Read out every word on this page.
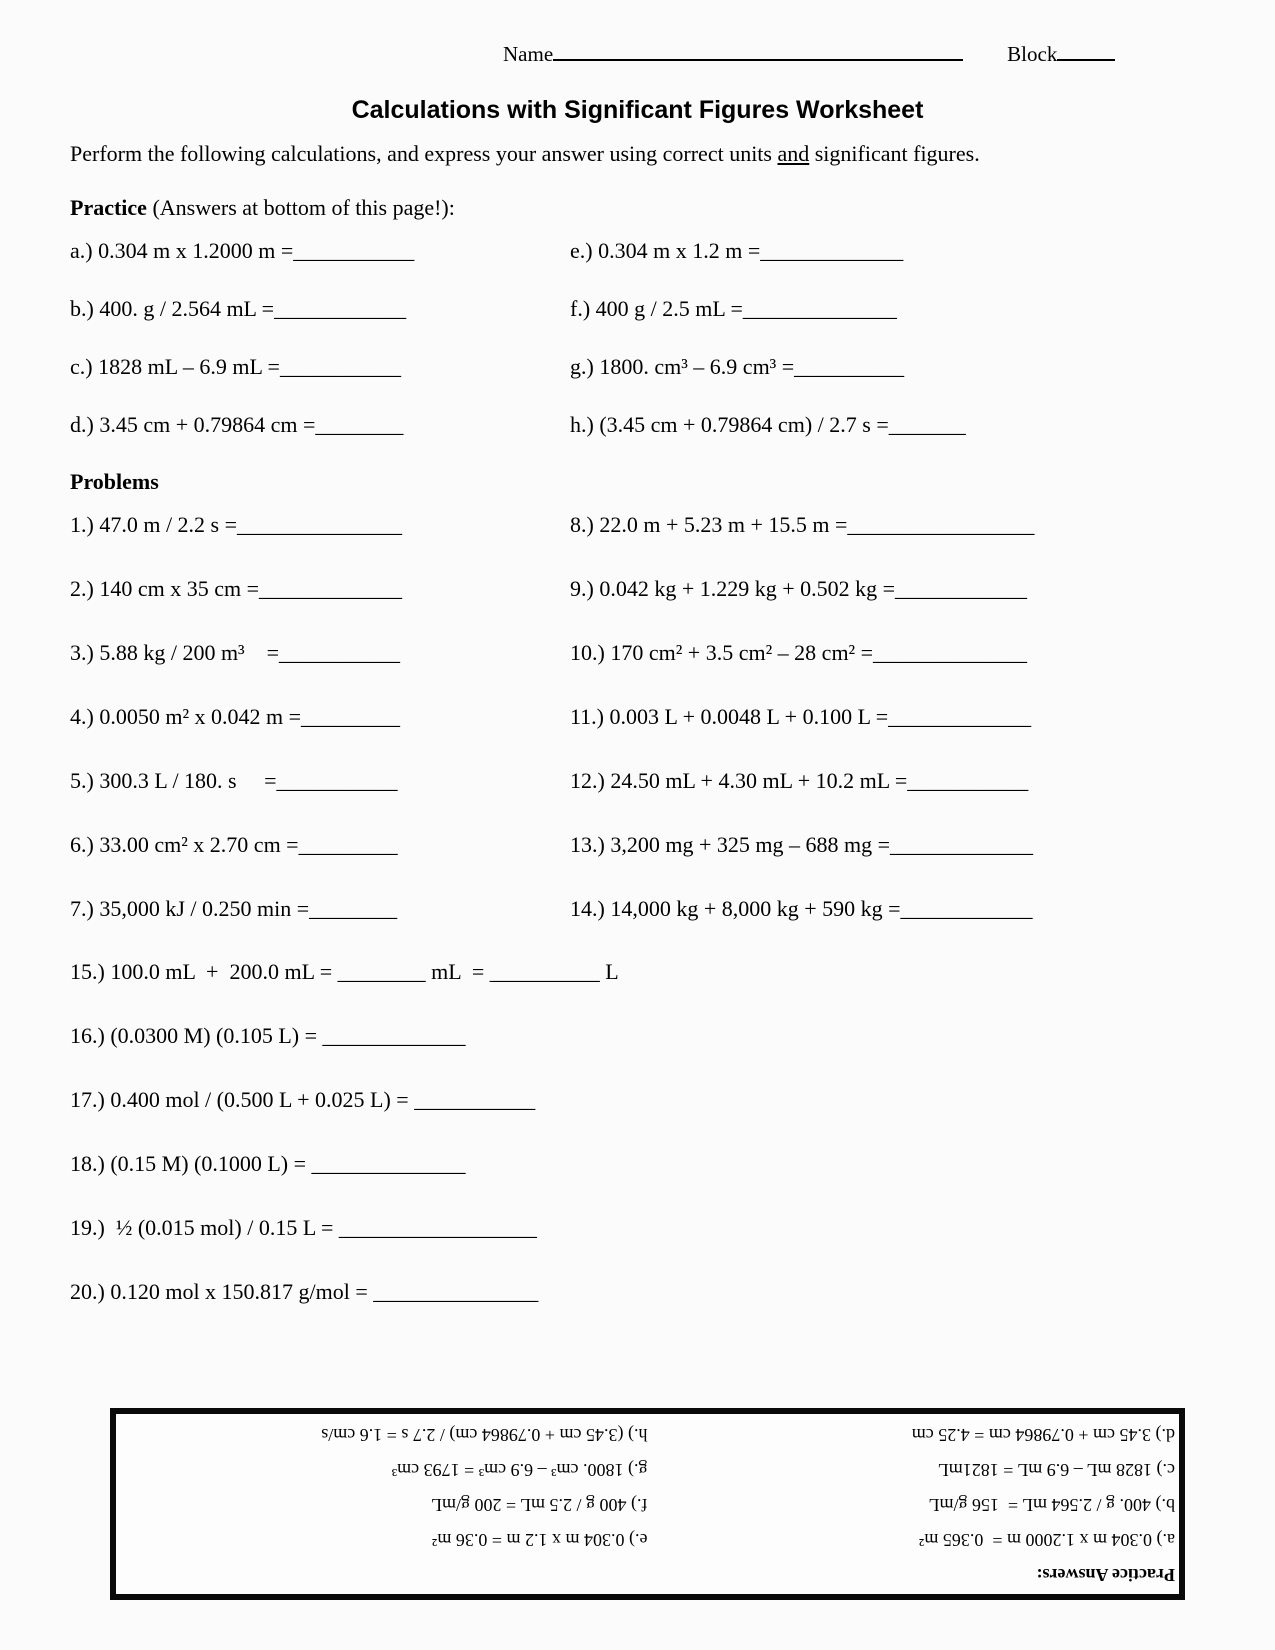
Name	Block
Calculations with Significant Figures Worksheet
Perform the following calculations, and express your answer using correct units and significant figures.
Practice (Answers at bottom of this page!):
a.) 0.304 m x 1.2000 m =___________	e.) 0.304 m x 1.2 m =_____________
b.) 400. g / 2.564 mL =____________	f.) 400 g / 2.5 mL =______________
c.) 1828 mL – 6.9 mL =___________	g.) 1800. cm³ – 6.9 cm³ =__________
d.) 3.45 cm + 0.79864 cm =________	h.) (3.45 cm + 0.79864 cm) / 2.7 s =_______
Problems
1.) 47.0 m / 2.2 s =_______________	8.) 22.0 m + 5.23 m + 15.5 m =_________________
2.) 140 cm x 35 cm =_____________	9.) 0.042 kg + 1.229 kg + 0.502 kg =____________
3.) 5.88 kg / 200 m³    =___________	10.) 170 cm² + 3.5 cm² – 28 cm² =______________
4.) 0.0050 m² x 0.042 m =_________	11.) 0.003 L + 0.0048 L + 0.100 L =_____________
5.) 300.3 L / 180. s     =___________	12.) 24.50 mL + 4.30 mL + 10.2 mL =___________
6.) 33.00 cm² x 2.70 cm =_________	13.) 3,200 mg + 325 mg – 688 mg =_____________
7.) 35,000 kJ / 0.250 min =________	14.) 14,000 kg + 8,000 kg + 590 kg =____________
15.) 100.0 mL  +  200.0 mL = ________ mL  = __________ L
16.) (0.0300 M) (0.105 L) = _____________
17.) 0.400 mol / (0.500 L + 0.025 L) = ___________
18.) (0.15 M) (0.1000 L) = ______________
19.)  ½ (0.015 mol) / 0.15 L = __________________
20.) 0.120 mol x 150.817 g/mol = _______________
Practice Answers:
a.) 0.304 m x 1.2000 m =  0.365 m²
e.) 0.304 m x 1.2 m = 0.36 m²
b.) 400. g / 2.564 mL =  156 g/mL
f.) 400 g / 2.5 mL = 200 g/mL
c.) 1828 mL – 6.9 mL = 1821mL
g.) 1800. cm³ – 6.9 cm³ = 1793 cm³
d.) 3.45 cm + 0.79864 cm = 4.25 cm
h.) (3.45 cm + 0.79864 cm) / 2.7 s = 1.6 cm/s
